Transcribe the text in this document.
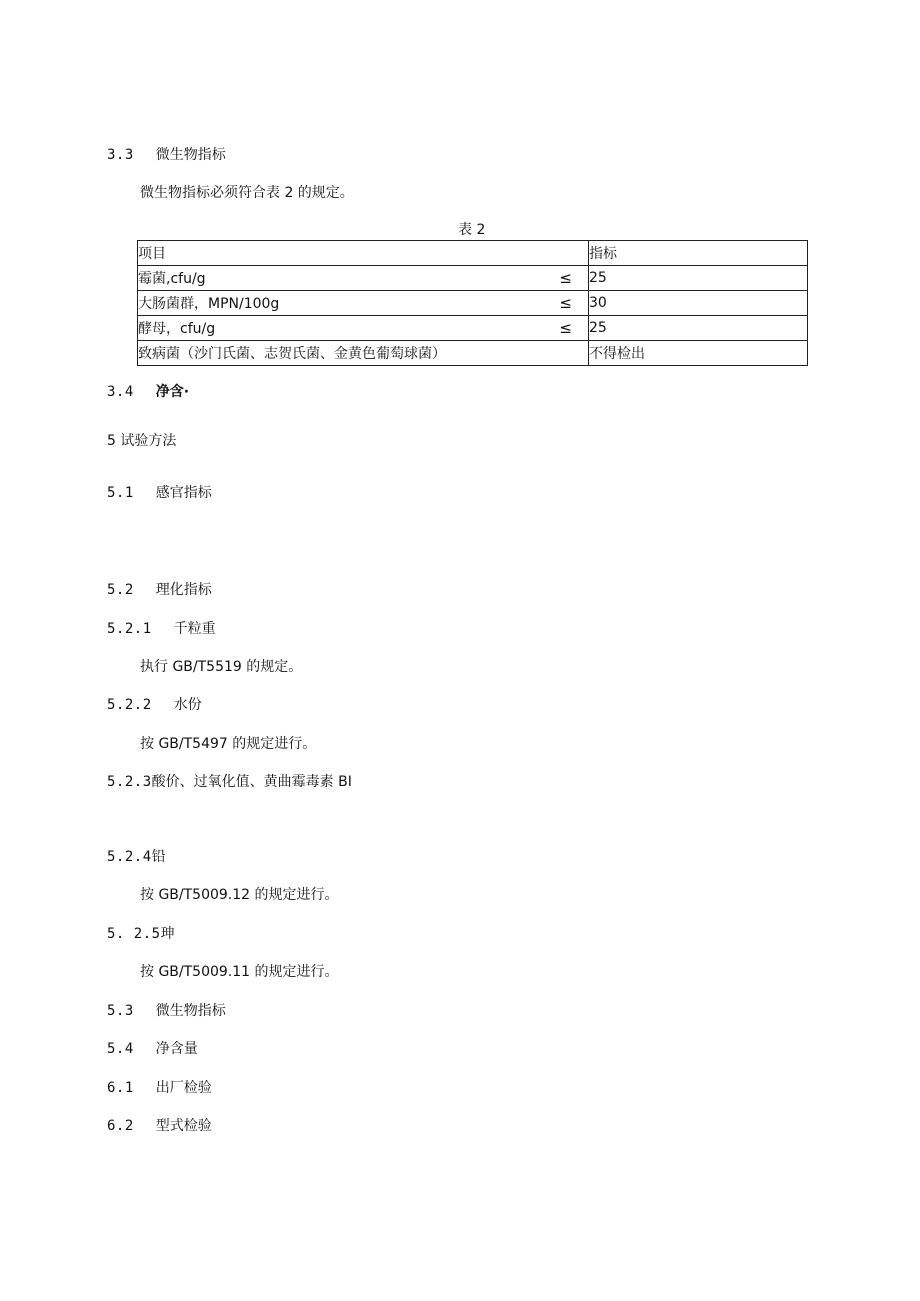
3.3 微生物指标
微生物指标必须符合表 2 的规定。
表 2
项目	指标
霉菌,cfu/g ≤	25
大肠菌群，MPN/100g ≤	30
酵母，cfu/g ≤	25
致病菌（沙门氏菌、志贺氏菌、金黄色葡萄球菌）	不得检出
3.4 净含·
5 试验方法
5.1 感官指标
5.2 理化指标
5.2.1 千粒重
执行 GB/T5519 的规定。
5.2.2 水份
按 GB/T5497 的规定进行。
5.2.3酸价、过氧化值、黄曲霉毒素 BI
5.2.4铅
按 GB/T5009.12 的规定进行。
5. 2.5珅
按 GB/T5009.11 的规定进行。
5.3 微生物指标
5.4 净含量
6.1 出厂检验
6.2 型式检验
